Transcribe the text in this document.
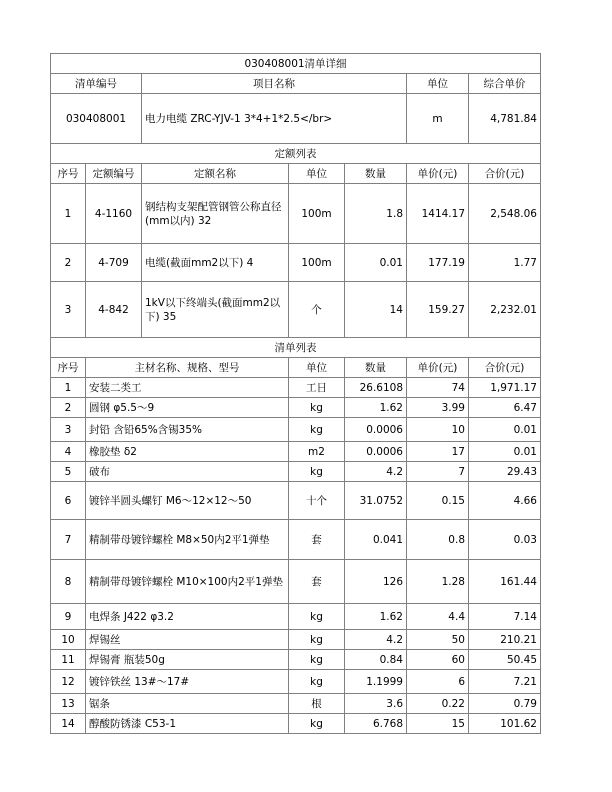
030408001清单详细						
清单编号		项目名称			单位	综合单价
030408001		电力电缆 ZRC-YJV-1 3*4+1*2.5</br>			m	4,781.84
定额列表						
序号	定额编号	定额名称	单位	数量	单价(元)	合价(元)
1	4-1160	钢结构支架配管钢管公称直径(mm以内) 32	100m	1.8	1414.17	2,548.06
2	4-709	电缆(截面mm2以下) 4	100m	0.01	177.19	1.77
3	4-842	1kV以下终端头(截面mm2以下) 35	个	14	159.27	2,232.01
清单列表						
序号	主材名称、规格、型号		单位	数量	单价(元)	合价(元)
1	安装二类工		工日	26.6108	74	1,971.17
2	圆钢 φ5.5～9		kg	1.62	3.99	6.47
3	封铅 含铅65%含锡35%		kg	0.0006	10	0.01
4	橡胶垫 δ2		m2	0.0006	17	0.01
5	破布		kg	4.2	7	29.43
6	镀锌半圆头螺钉 M6～12×12～50		十个	31.0752	0.15	4.66
7	精制带母镀锌螺栓 M8×50内2平1弹垫		套	0.041	0.8	0.03
8	精制带母镀锌螺栓 M10×100内2平1弹垫		套	126	1.28	161.44
9	电焊条 J422 φ3.2		kg	1.62	4.4	7.14
10	焊锡丝		kg	4.2	50	210.21
11	焊锡膏 瓶装50g		kg	0.84	60	50.45
12	镀锌铁丝 13#～17#		kg	1.1999	6	7.21
13	锯条		根	3.6	0.22	0.79
14	醇酸防锈漆 C53-1		kg	6.768	15	101.62
